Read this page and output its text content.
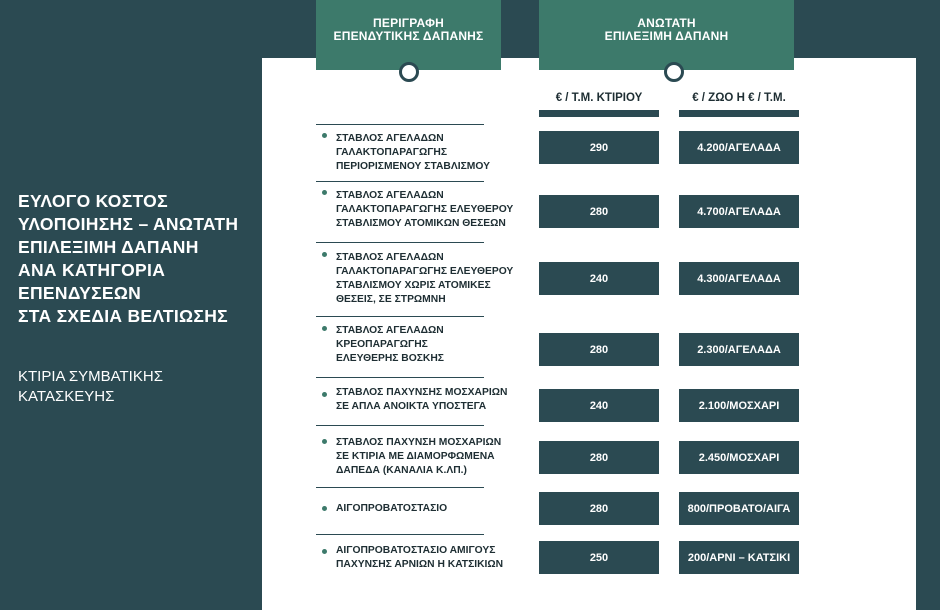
ΠΕΡΙΓΡΑΦΗ
ΕΠΕΝΔΥΤΙΚΗΣ ΔΑΠΑΝΗΣ
ΑΝΩΤΑΤΗ
ΕΠΙΛΕΞΙΜΗ ΔΑΠΑΝΗ
ΕΥΛΟΓΟ ΚΟΣΤΟΣ
ΥΛΟΠΟΙΗΣΗΣ – ΑΝΩΤΑΤΗ
ΕΠΙΛΕΞΙΜΗ ΔΑΠΑΝΗ
ΑΝΑ ΚΑΤΗΓΟΡΙΑ
ΕΠΕΝΔΥΣΕΩΝ
ΣΤΑ ΣΧΕΔΙΑ ΒΕΛΤΙΩΣΗΣ
ΚΤΙΡΙΑ ΣΥΜΒΑΤΙΚΗΣ
ΚΑΤΑΣΚΕΥΗΣ
€ / Τ.Μ. ΚΤΙΡΙΟΥ	€ / ΖΩΟ Η € / Τ.Μ.
ΣΤΑΒΛΟΣ ΑΓΕΛΑΔΩΝ
ΓΑΛΑΚΤΟΠΑΡΑΓΩΓΗΣ
ΠΕΡΙΟΡΙΣΜΕΝΟΥ ΣΤΑΒΛΙΣΜΟΥ
290	4.200/ΑΓΕΛΑΔΑ
ΣΤΑΒΛΟΣ ΑΓΕΛΑΔΩΝ
ΓΑΛΑΚΤΟΠΑΡΑΓΩΓΗΣ ΕΛΕΥΘΕΡΟΥ
ΣΤΑΒΛΙΣΜΟΥ ΑΤΟΜΙΚΩΝ ΘΕΣΕΩΝ
280	4.700/ΑΓΕΛΑΔΑ
ΣΤΑΒΛΟΣ ΑΓΕΛΑΔΩΝ
ΓΑΛΑΚΤΟΠΑΡΑΓΩΓΗΣ ΕΛΕΥΘΕΡΟΥ
ΣΤΑΒΛΙΣΜΟΥ ΧΩΡΙΣ ΑΤΟΜΙΚΕΣ
ΘΕΣΕΙΣ, ΣΕ ΣΤΡΩΜΝΗ
240	4.300/ΑΓΕΛΑΔΑ
ΣΤΑΒΛΟΣ ΑΓΕΛΑΔΩΝ
ΚΡΕΟΠΑΡΑΓΩΓΗΣ
ΕΛΕΥΘΕΡΗΣ ΒΟΣΚΗΣ
280	2.300/ΑΓΕΛΑΔΑ
ΣΤΑΒΛΟΣ ΠΑΧΥΝΣΗΣ ΜΟΣΧΑΡΙΩΝ
ΣΕ ΑΠΛΑ ΑΝΟΙΚΤΑ ΥΠΟΣΤΕΓΑ	240	2.100/ΜΟΣΧΑΡΙ
ΣΤΑΒΛΟΣ ΠΑΧΥΝΣΗ ΜΟΣΧΑΡΙΩΝ
ΣΕ ΚΤΙΡΙΑ ΜΕ ΔΙΑΜΟΡΦΩΜΕΝΑ
ΔΑΠΕΔΑ (ΚΑΝΑΛΙΑ Κ.ΛΠ.)
280	2.450/ΜΟΣΧΑΡΙ
ΑΙΓΟΠΡΟΒΑΤΟΣΤΑΣΙΟ	280	800/ΠΡΟΒΑΤΟ/ΑΙΓΑ
ΑΙΓΟΠΡΟΒΑΤΟΣΤΑΣΙΟ ΑΜΙΓΟΥΣ
ΠΑΧΥΝΣΗΣ ΑΡΝΙΩΝ Η ΚΑΤΣΙΚΙΩΝ
250	200/ΑΡΝΙ – ΚΑΤΣΙΚΙ
